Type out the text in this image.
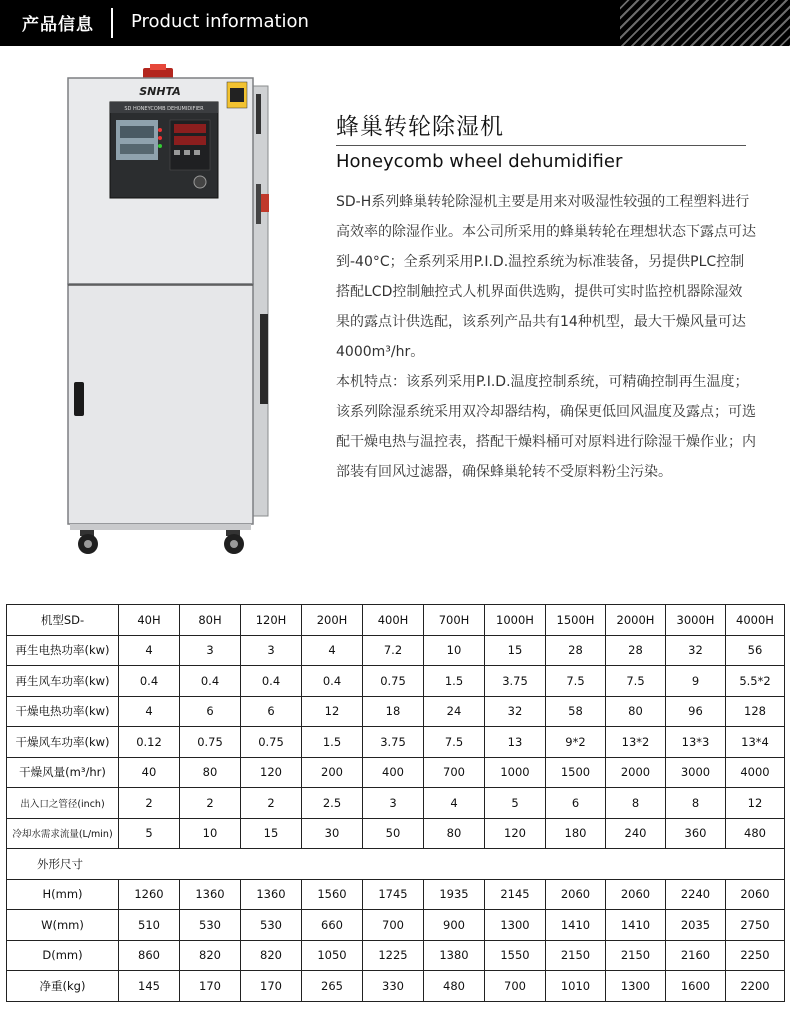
产品信息 Product information
SNHTA
SD HONEYCOMB DEHUMIDIFIER
蜂巢转轮除湿机
Honeycomb wheel dehumidifier

SD-H系列蜂巢转轮除湿机主要是用来对吸湿性较强的工程塑料进行高效率的除湿作业。本公司所采用的蜂巢转轮在理想状态下露点可达到-40°C；全系列采用P.I.D.温控系统为标准装备，另提供PLC控制搭配LCD控制触控式人机界面供选购，提供可实时监控机器除湿效果的露点计供选配，该系列产品共有14种机型，最大干燥风量可达4000m³/hr。

本机特点：该系列采用P.I.D.温度控制系统，可精确控制再生温度；该系列除湿系统采用双冷却器结构，确保更低回风温度及露点；可选配干燥电热与温控表，搭配干燥料桶可对原料进行除湿干燥作业；内部装有回风过滤器，确保蜂巢轮转不受原料粉尘污染。

机型SD-	40H	80H	120H	200H	400H	700H	1000H	1500H	2000H	3000H	4000H
再生电热功率(kw)	4	3	3	4	7.2	10	15	28	28	32	56
再生风车功率(kw)	0.4	0.4	0.4	0.4	0.75	1.5	3.75	7.5	7.5	9	5.5*2
干燥电热功率(kw)	4	6	6	12	18	24	32	58	80	96	128
干燥风车功率(kw)	0.12	0.75	0.75	1.5	3.75	7.5	13	9*2	13*2	13*3	13*4
干燥风量(m³/hr)	40	80	120	200	400	700	1000	1500	2000	3000	4000
出入口之管径(inch)	2	2	2	2.5	3	4	5	6	8	8	12
冷却水需求流量(L/min)	5	10	15	30	50	80	120	180	240	360	480
外形尺寸											
H(mm)	1260	1360	1360	1560	1745	1935	2145	2060	2060	2240	2060
W(mm)	510	530	530	660	700	900	1300	1410	1410	2035	2750
D(mm)	860	820	820	1050	1225	1380	1550	2150	2150	2160	2250
净重(kg)	145	170	170	265	330	480	700	1010	1300	1600	2200
